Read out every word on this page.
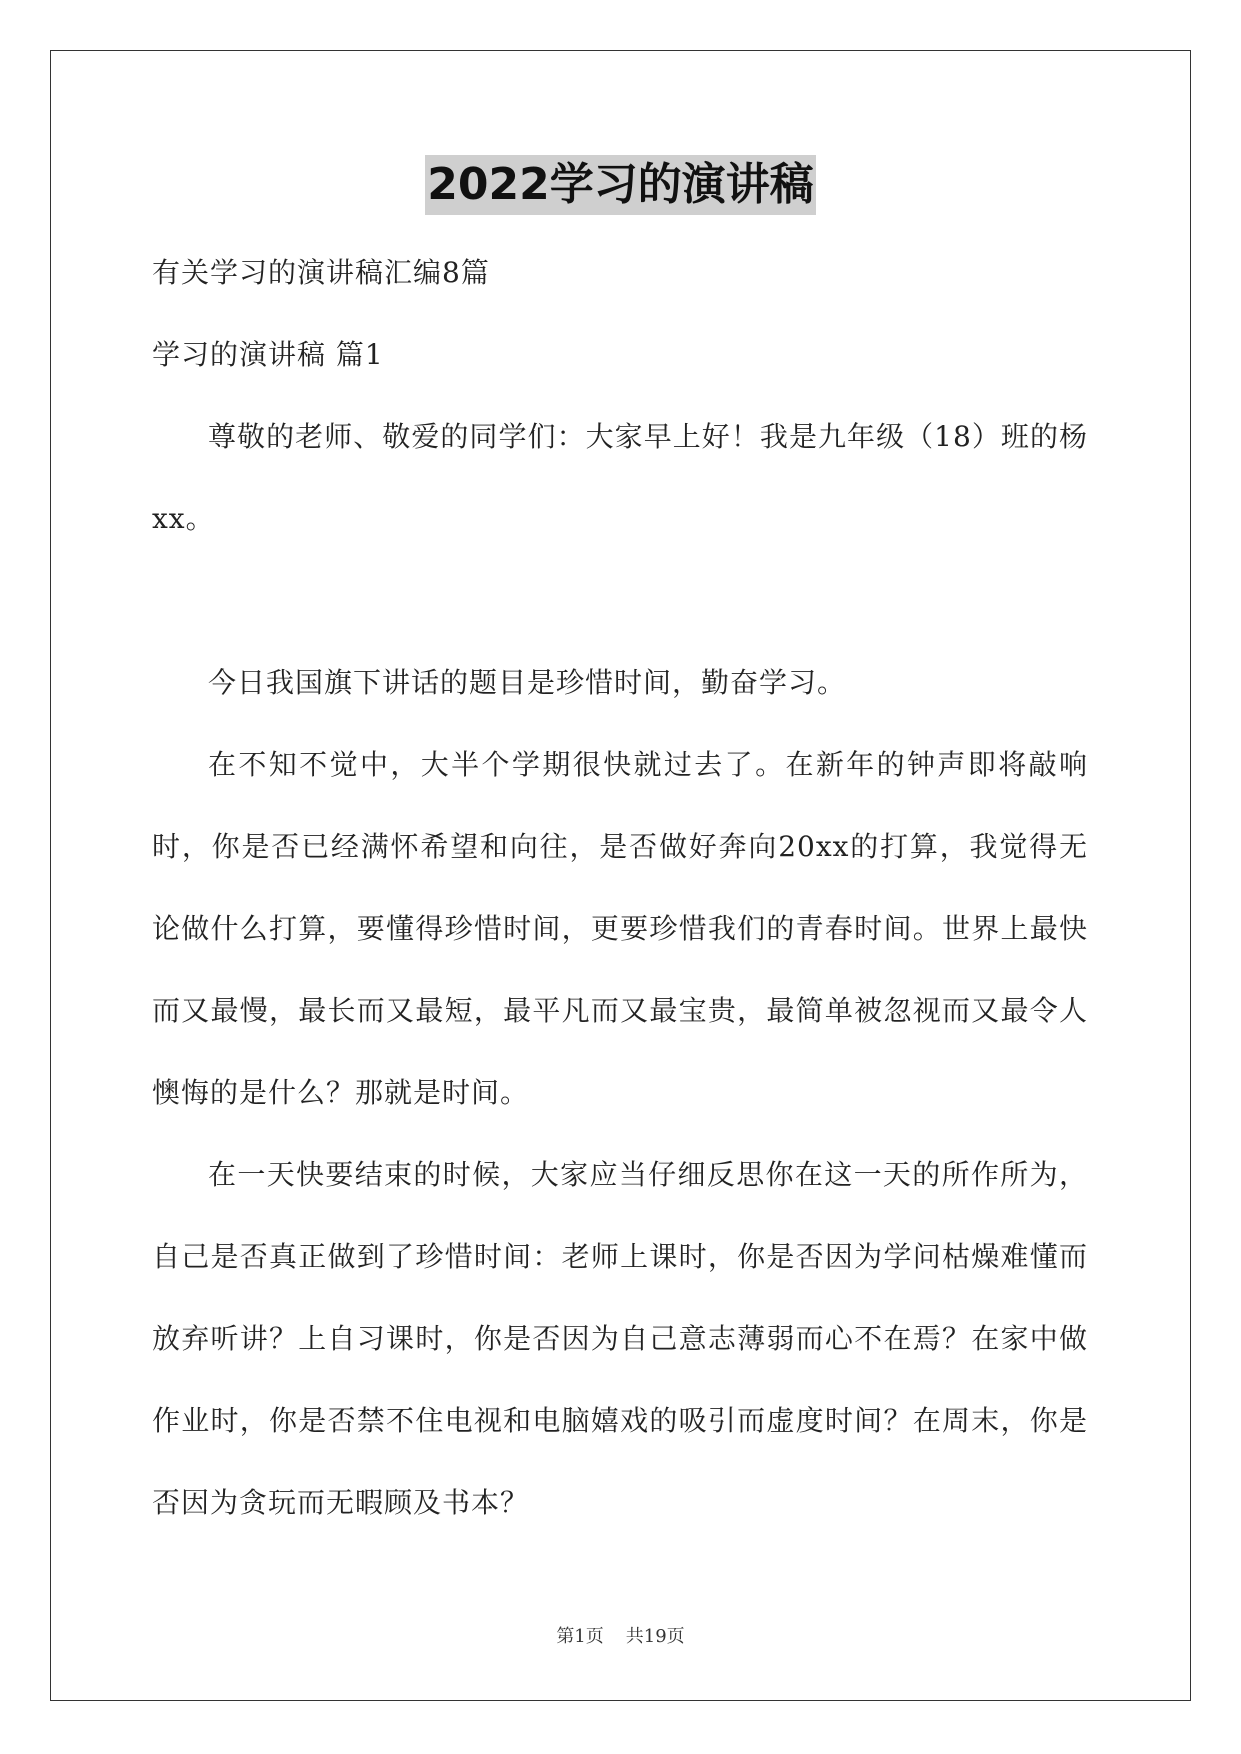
2022学习的演讲稿

有关学习的演讲稿汇编8篇

学习的演讲稿 篇1

尊敬的老师、敬爱的同学们：大家早上好！我是九年级（18）班的杨xx。

今日我国旗下讲话的题目是珍惜时间，勤奋学习。

在不知不觉中，大半个学期很快就过去了。在新年的钟声即将敲响时，你是否已经满怀希望和向往，是否做好奔向20xx的打算，我觉得无论做什么打算，要懂得珍惜时间，更要珍惜我们的青春时间。世界上最快而又最慢，最长而又最短，最平凡而又最宝贵，最简单被忽视而又最令人懊悔的是什么？那就是时间。

在一天快要结束的时候，大家应当仔细反思你在这一天的所作所为，自己是否真正做到了珍惜时间：老师上课时，你是否因为学问枯燥难懂而放弃听讲？上自习课时，你是否因为自己意志薄弱而心不在焉？在家中做作业时，你是否禁不住电视和电脑嬉戏的吸引而虚度时间？在周末，你是否因为贪玩而无暇顾及书本？

第1页 共19页
